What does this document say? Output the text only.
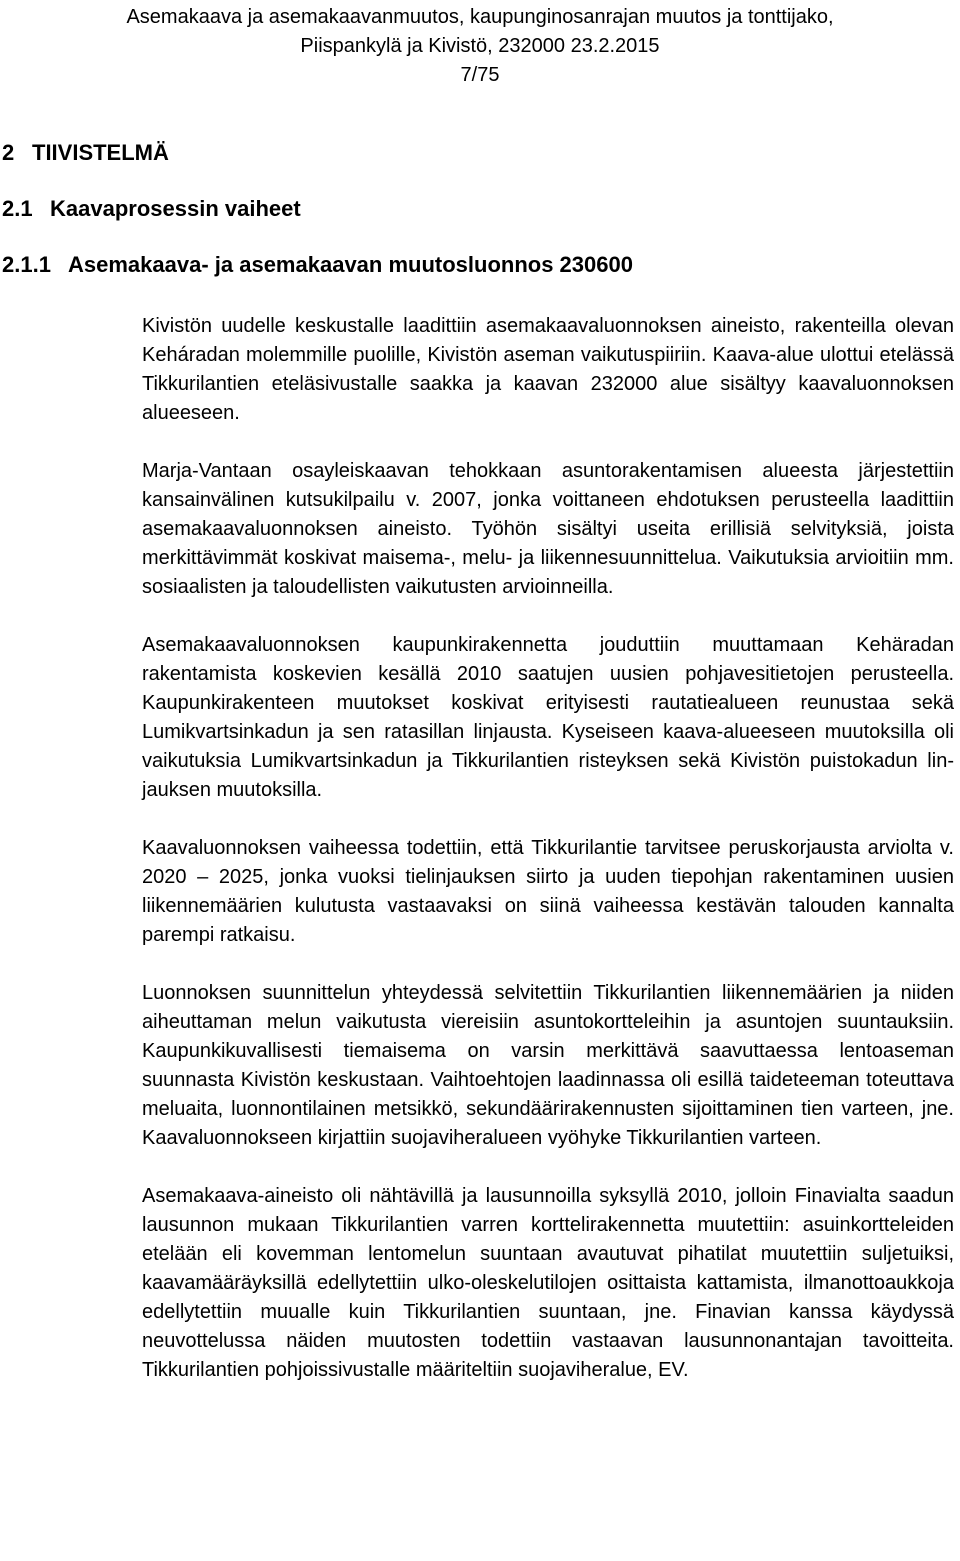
Asemakaava ja asemakaavanmuutos, kaupunginosanrajan muutos ja tonttijako,
Piispankylä ja Kivistö, 232000 23.2.2015
7/75
2 TIIVISTELMÄ
2.1 Kaavaprosessin vaiheet
2.1.1 Asemakaava- ja asemakaavan muutosluonnos 230600

Kivistön uudelle keskustalle laadittiin asemakaavaluonnoksen aineisto, rakenteilla olevan Keháradan molemmille puolille, Kivistön aseman vaikutuspiiriin. Kaava-alue ulottui etelässä Tikkurilantien eteläsivustalle saakka ja kaavan 232000 alue sisältyy kaavaluonnoksen alueeseen.

Marja-Vantaan osayleiskaavan tehokkaan asuntorakentamisen alueesta järjestettiin kansainvälinen kutsukilpailu v. 2007, jonka voittaneen ehdotuksen perusteella laadittiin asemakaavaluonnoksen aineisto. Työhön sisältyi useita erillisiä selvityksiä, joista merkittävimmät koskivat maisema-, melu- ja liikennesuunnittelua. Vaikutuksia arvioitiin mm. sosiaalisten ja taloudellisten vaikutusten arvioinneilla.

Asemakaavaluonnoksen kaupunkirakennetta jouduttiin muuttamaan Kehäradan rakentamista koskevien kesällä 2010 saatujen uusien pohjavesitietojen perusteella. Kaupunkirakenteen muutokset koskivat erityisesti rautatiealueen reunustaa sekä Lumikvartsinkadun ja sen ratasillan linjausta. Kyseiseen kaava-alueeseen muutoksilla oli vaikutuksia Lumikvartsinkadun ja Tikkurilantien risteyksen sekä Kivistön puistokadun linjauksen muutoksilla.

Kaavaluonnoksen vaiheessa todettiin, että Tikkurilantie tarvitsee peruskorjausta arviolta v. 2020 – 2025, jonka vuoksi tielinjauksen siirto ja uuden tiepohjan rakentaminen uusien liikennemäärien kulutusta vastaavaksi on siinä vaiheessa kestävän talouden kannalta parempi ratkaisu.

Luonnoksen suunnittelun yhteydessä selvitettiin Tikkurilantien liikennemäärien ja niiden aiheuttaman melun vaikutusta viereisiin asuntokortteleihin ja asuntojen suuntauksiin. Kaupunkikuvallisesti tiemaisema on varsin merkittävä saavuttaessa lentoaseman suunnasta Kivistön keskustaan. Vaihtoehtojen laadinnassa oli esillä taideteeman toteuttava meluaita, luonnontilainen metsikkö, sekundäärirakennusten sijoittaminen tien varteen, jne. Kaavaluonnokseen kirjattiin suojaviheralueen vyöhyke Tikkurilantien varteen.

Asemakaava-aineisto oli nähtävillä ja lausunnoilla syksyllä 2010, jolloin Finavialta saadun lausunnon mukaan Tikkurilantien varren korttelirakennetta muutettiin: asuinkortteleiden etelään eli kovemman lentomelun suuntaan avautuvat pihatilat muutettiin suljetuiksi, kaavamääräyksillä edellytettiin ulko-oleskelutilojen osittaista kattamista, ilmanottoaukkoja edellytettiin muualle kuin Tikkurilantien suuntaan, jne. Finavian kanssa käydyssä neuvottelussa näiden muutosten todettiin vastaavan lausunnonantajan tavoitteita. Tikkurilantien pohjoissivustalle määriteltiin suojaviheralue, EV.
